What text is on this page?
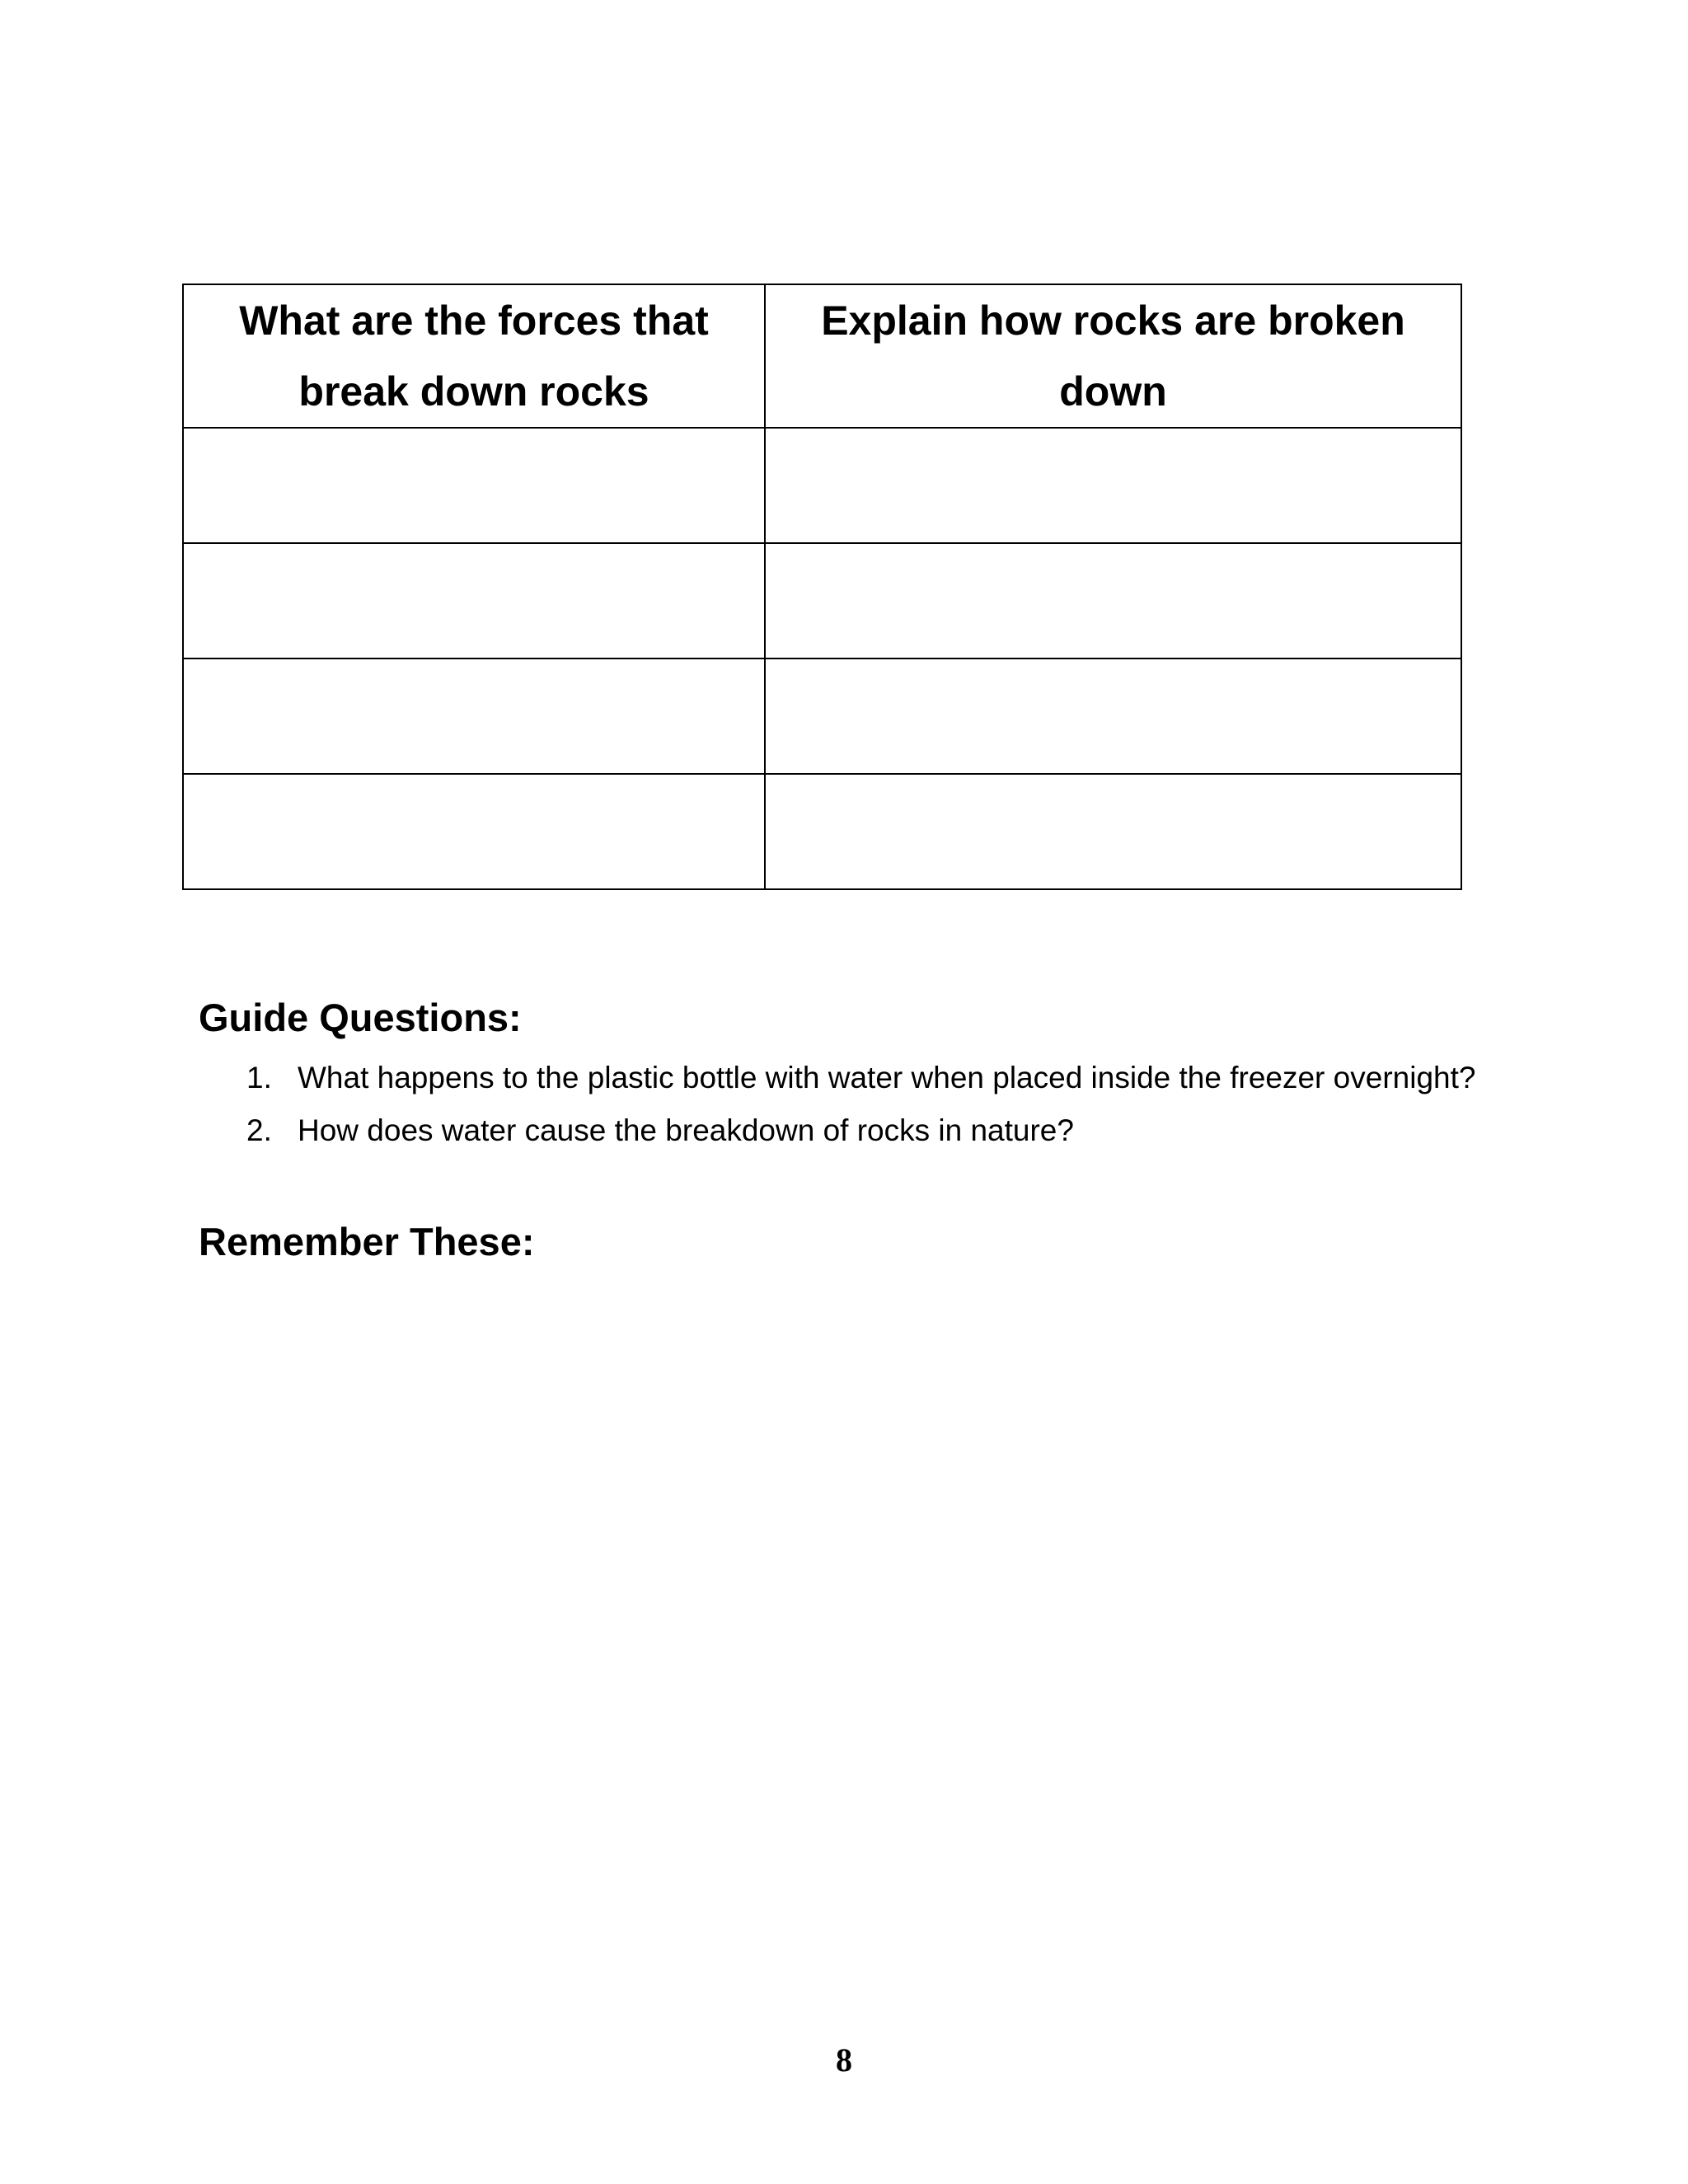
What are the forces that break down rocks	Explain how rocks are broken down

Guide Questions:
1. What happens to the plastic bottle with water when placed inside the freezer overnight?
2. How does water cause the breakdown of rocks in nature?
Remember These:
8
